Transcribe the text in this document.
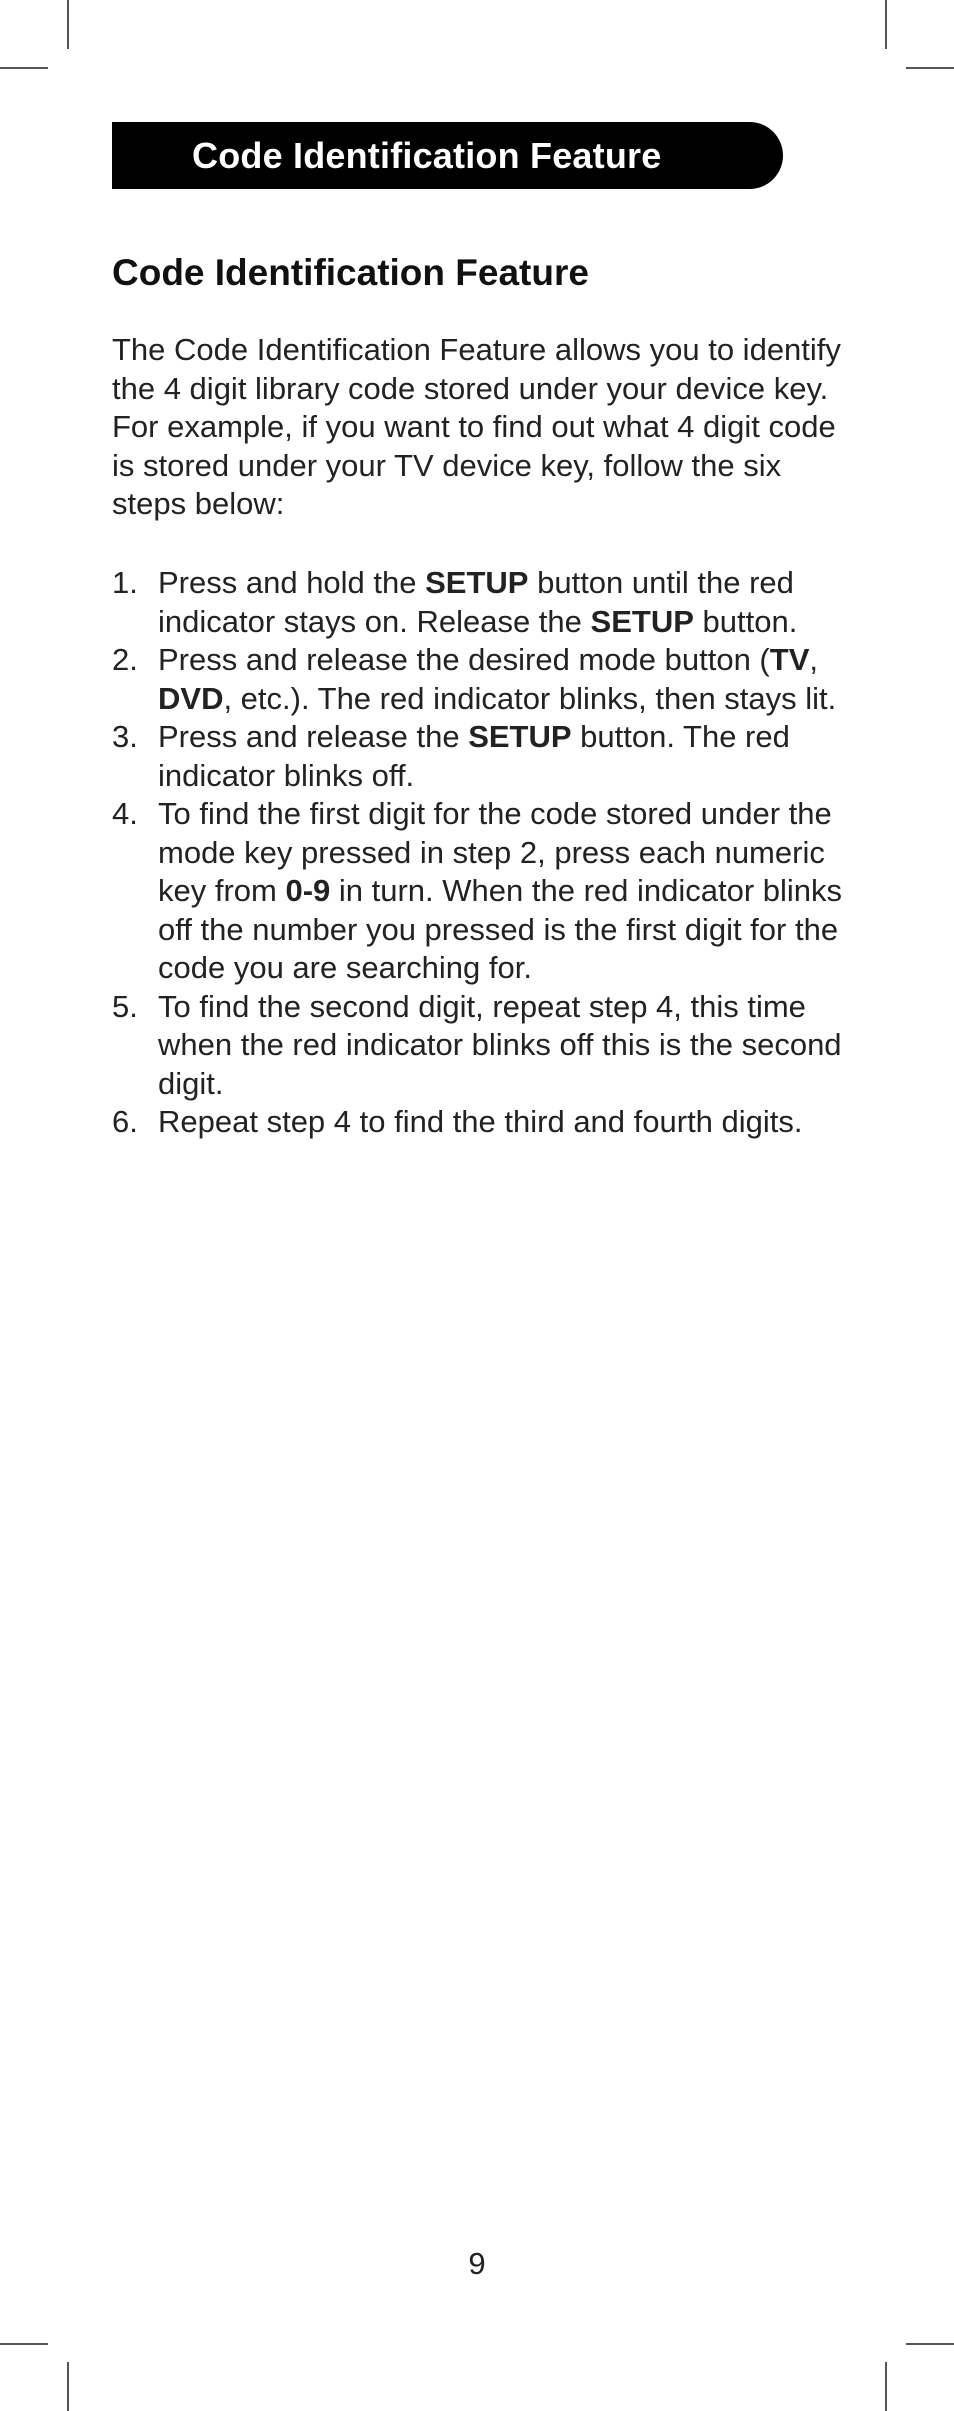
Code Identification Feature
Code Identification Feature

The Code Identification Feature allows you to identify the 4 digit library code stored under your device key. For example, if you want to find out what 4 digit code is stored under your TV device key, follow the six steps below:

1. Press and hold the SETUP button until the red indicator stays on. Release the SETUP button.
2. Press and release the desired mode button (TV, DVD, etc.). The red indicator blinks, then stays lit.
3. Press and release the SETUP button. The red indicator blinks off.
4. To find the first digit for the code stored under the mode key pressed in step 2, press each numeric key from 0-9 in turn. When the red indicator blinks off the number you pressed is the first digit for the code you are searching for.
5. To find the second digit, repeat step 4, this time when the red indicator blinks off this is the second digit.
6. Repeat step 4 to find the third and fourth digits.
9
